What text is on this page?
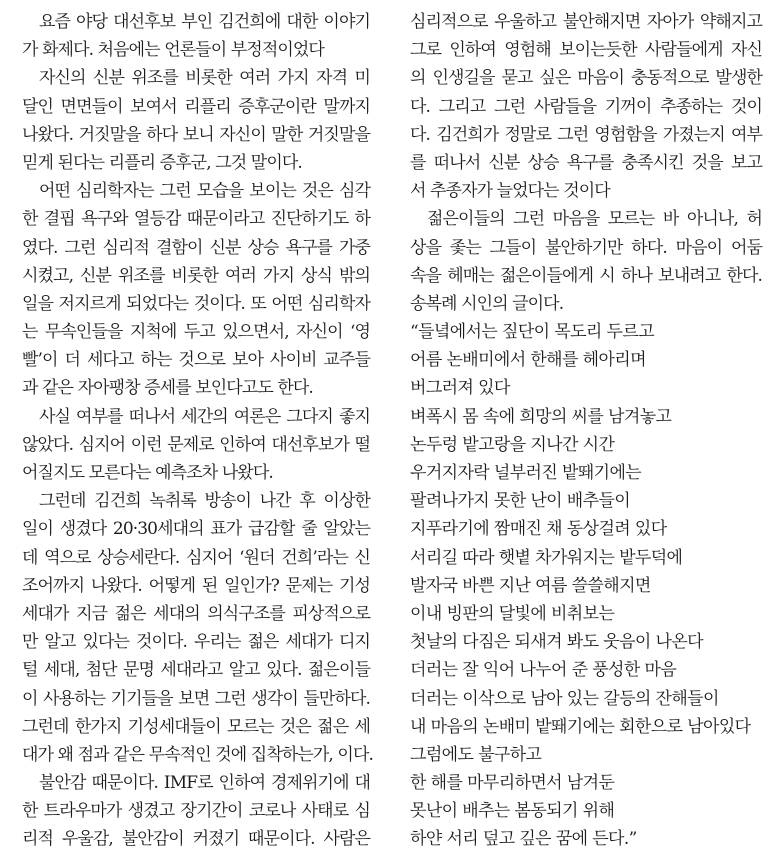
요즘 야당 대선후보 부인 김건희에 대한 이야기
가 화제다. 처음에는 언론들이 부정적이었다
자신의 신분 위조를 비롯한 여러 가지 자격 미
달인 면면들이 보여서 리플리 증후군이란 말까지
나왔다. 거짓말을 하다 보니 자신이 말한 거짓말을
믿게 된다는 리플리 증후군, 그것 말이다.
어떤 심리학자는 그런 모습을 보이는 것은 심각
한 결핍 욕구와 열등감 때문이라고 진단하기도 하
였다. 그런 심리적 결함이 신분 상승 욕구를 가중
시켰고, 신분 위조를 비롯한 여러 가지 상식 밖의
일을 저지르게 되었다는 것이다. 또 어떤 심리학자
는 무속인들을 지척에 두고 있으면서, 자신이 ‘영
빨’이 더 세다고 하는 것으로 보아 사이비 교주들
과 같은 자아팽창 증세를 보인다고도 한다.
사실 여부를 떠나서 세간의 여론은 그다지 좋지
않았다. 심지어 이런 문제로 인하여 대선후보가 떨
어질지도 모른다는 예측조차 나왔다.
그런데 김건희 녹취록 방송이 나간 후 이상한
일이 생겼다 20·30세대의 표가 급감할 줄 알았는
데 역으로 상승세란다. 심지어 ‘원더 건희’라는 신
조어까지 나왔다. 어떻게 된 일인가? 문제는 기성
세대가 지금 젊은 세대의 의식구조를 피상적으로
만 알고 있다는 것이다. 우리는 젊은 세대가 디지
털 세대, 첨단 문명 세대라고 알고 있다. 젊은이들
이 사용하는 기기들을 보면 그런 생각이 들만하다.
그런데 한가지 기성세대들이 모르는 것은 젊은 세
대가 왜 점과 같은 무속적인 것에 집착하는가, 이다.
불안감 때문이다. IMF로 인하여 경제위기에 대
한 트라우마가 생겼고 장기간이 코로나 사태로 심
리적 우울감, 불안감이 커졌기 때문이다. 사람은
심리적으로 우울하고 불안해지면 자아가 약해지고
그로 인하여 영험해 보이는듯한 사람들에게 자신
의 인생길을 묻고 싶은 마음이 충동적으로 발생한
다. 그리고 그런 사람들을 기꺼이 추종하는 것이
다. 김건희가 정말로 그런 영험함을 가졌는지 여부
를 떠나서 신분 상승 욕구를 충족시킨 것을 보고
서 추종자가 늘었다는 것이다
젊은이들의 그런 마음을 모르는 바 아니나, 허
상을 좇는 그들이 불안하기만 하다. 마음이 어둠
속을 헤매는 젊은이들에게 시 하나 보내려고 한다.
송복례 시인의 글이다.
“들녘에서는 짚단이 목도리 두르고
어름 논배미에서 한해를 헤아리며
버그러져 있다
벼폭시 몸 속에 희망의 씨를 남겨놓고
논두렁 밭고랑을 지나간 시간
우거지자락 널부러진 밭뙈기에는
팔려나가지 못한 난이 배추들이
지푸라기에 짬매진 채 동상걸려 있다
서리길 따라 햇볕 차가워지는 밭두덕에
발자국 바쁜 지난 여름 쓸쓸해지면
이내 빙판의 달빛에 비취보는
첫날의 다짐은 되새겨 봐도 웃음이 나온다
더러는 잘 익어 나누어 준 풍성한 마음
더러는 이삭으로 남아 있는 갈등의 잔해들이
내 마음의 논배미 밭뙈기에는 회한으로 남아있다
그럼에도 불구하고
한 해를 마무리하면서 남겨둔
못난이 배추는 봄동되기 위해
하얀 서리 덮고 깊은 꿈에 든다.”
